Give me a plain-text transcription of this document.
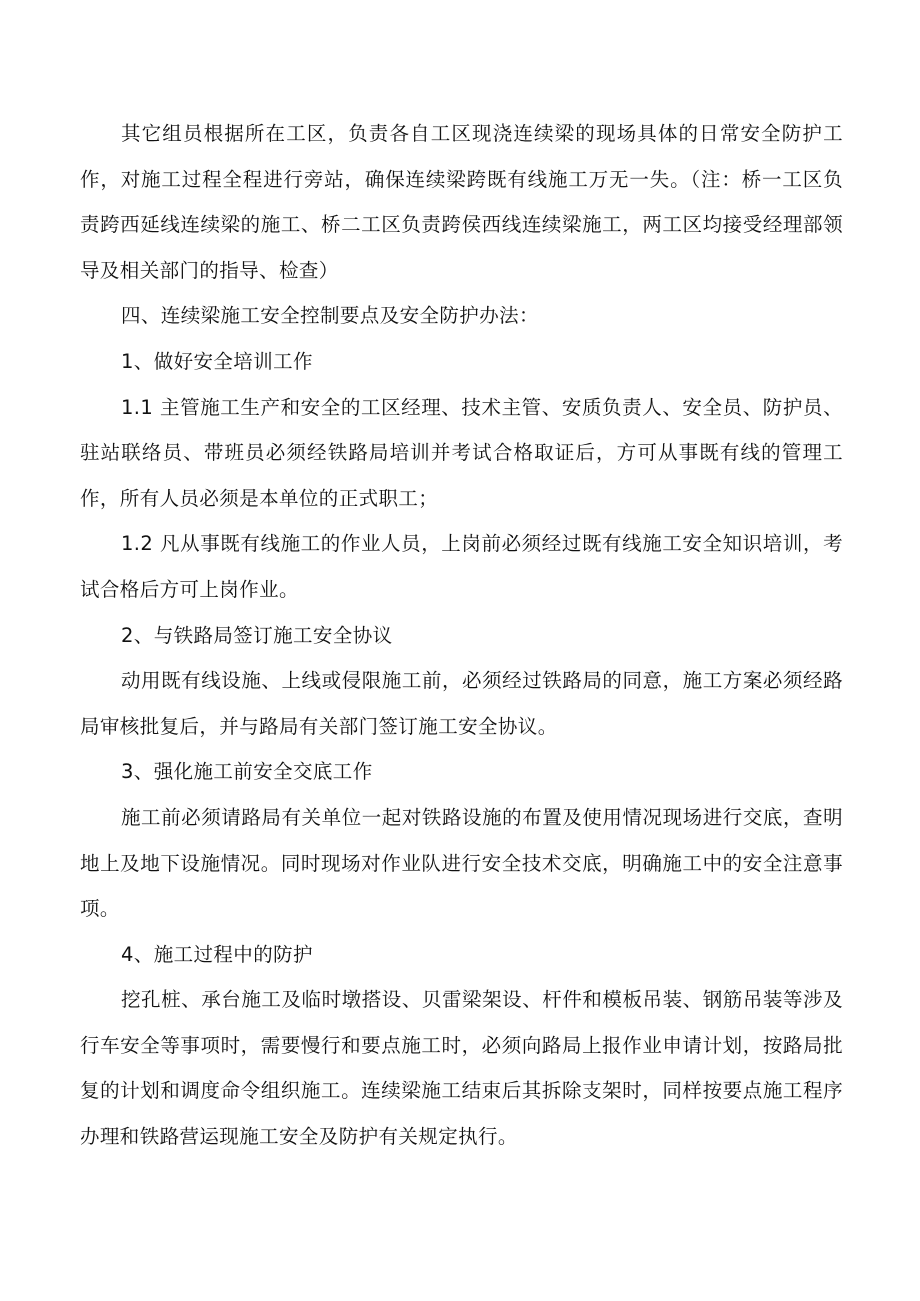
其它组员根据所在工区，负责各自工区现浇连续梁的现场具体的日常安全防护工作，对施工过程全程进行旁站，确保连续梁跨既有线施工万无一失。（注：桥一工区负责跨西延线连续梁的施工、桥二工区负责跨侯西线连续梁施工，两工区均接受经理部领导及相关部门的指导、检查）

四、连续梁施工安全控制要点及安全防护办法：

1、做好安全培训工作

1.1 主管施工生产和安全的工区经理、技术主管、安质负责人、安全员、防护员、驻站联络员、带班员必须经铁路局培训并考试合格取证后，方可从事既有线的管理工作，所有人员必须是本单位的正式职工；

1.2 凡从事既有线施工的作业人员，上岗前必须经过既有线施工安全知识培训，考试合格后方可上岗作业。

2、与铁路局签订施工安全协议

动用既有线设施、上线或侵限施工前，必须经过铁路局的同意，施工方案必须经路局审核批复后，并与路局有关部门签订施工安全协议。

3、强化施工前安全交底工作

施工前必须请路局有关单位一起对铁路设施的布置及使用情况现场进行交底，查明地上及地下设施情况。同时现场对作业队进行安全技术交底，明确施工中的安全注意事项。

4、施工过程中的防护

挖孔桩、承台施工及临时墩搭设、贝雷梁架设、杆件和模板吊装、钢筋吊装等涉及行车安全等事项时，需要慢行和要点施工时，必须向路局上报作业申请计划，按路局批复的计划和调度命令组织施工。连续梁施工结束后其拆除支架时，同样按要点施工程序办理和铁路营运现施工安全及防护有关规定执行。
